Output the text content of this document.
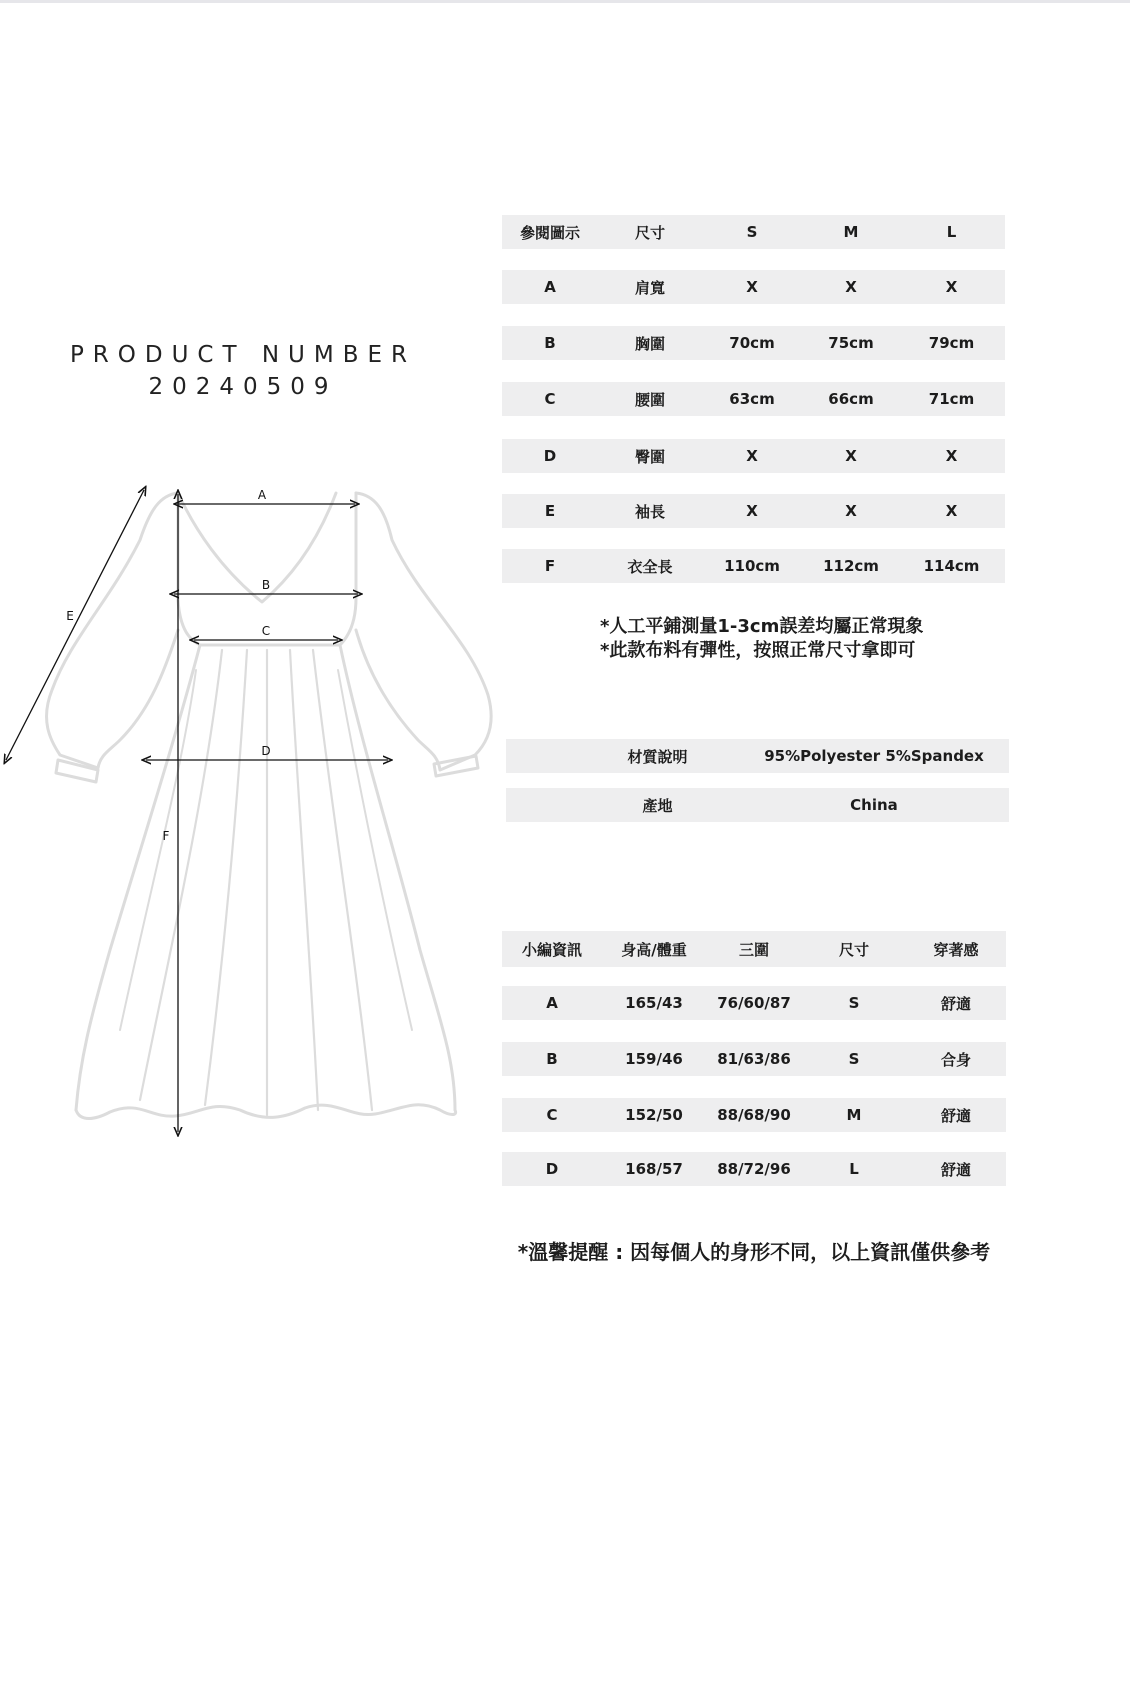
PRODUCT NUMBER
20240509
A
B
C
D
E
F
參閱圖示	尺寸	S	M	L
A	肩寬	X	X	X
B	胸圍	70cm	75cm	79cm
C	腰圍	63cm	66cm	71cm
D	臀圍	X	X	X
E	袖長	X	X	X
F	衣全長	110cm	112cm	114cm
*人工平鋪測量1-3cm誤差均屬正常現象
*此款布料有彈性，按照正常尺寸拿即可
材質說明	95%Polyester 5%Spandex
產地	China
小編資訊	身高/體重	三圍	尺寸	穿著感
A	165/43	76/60/87	S	舒適
B	159/46	81/63/86	S	合身
C	152/50	88/68/90	M	舒適
D	168/57	88/72/96	L	舒適
*溫馨提醒 : 因每個人的身形不同，以上資訊僅供參考
